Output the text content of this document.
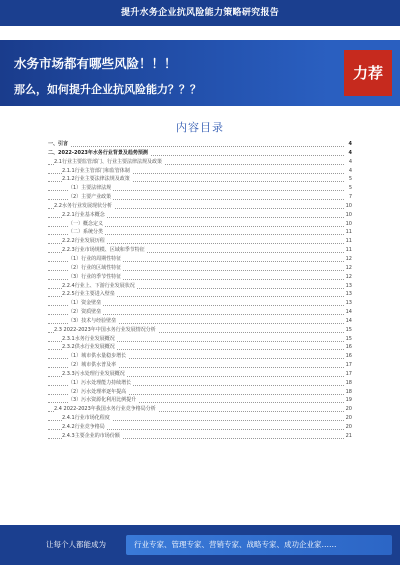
提升水务企业抗风险能力策略研究报告
水务市场都有哪些风险！！！
那么，如何提升企业抗风险能力？？？
力荐
内容目录
一、引言	4
二、2022-2023年水务行业背景及趋势预测	4
2.1行业主要监管部门、行业主要法律法规及政策	4
2.1.1行业主管部门和监管体制	4
2.1.2行业主要法律法规及政策	5
（1）主要法律法规	5
（2）主要产业政策	7
2.2水务行业发展现状分析	10
2.2.1行业基本概念	10
（一）概念定义	10
（二）系统分类	11
2.2.2行业发展历程	11
2.2.3行业市场规模、区域和季节特征	11
（1）行业的周期性特征	12
（2）行业的区域性特征	12
（3）行业的季节性特征	12
2.2.4行业上、下游行业发展状况	13
2.2.5行业主要进入壁垒	13
（1）资金壁垒	13
（2）资质壁垒	14
（3）技术与经验壁垒	14
2.3 2022-2023年中国水务行业发展情况分析	15
2.3.1水务行业发展概况	15
2.3.2供水行业发展概况	16
（1）城市供水量稳步增长	16
（2）城市供水普及率	17
2.3.3污水处理行业发展概况	17
（1）污水处理能力持续增长	18
（2）污水处理率逐年提高	18
（3）污水资源化利用比例提升	19
2.4 2022-2023年我国水务行业竞争格局分析	20
2.4.1行业市场化程度	20
2.4.2行业竞争格局	20
2.4.3主要企业的市场份额	21
让每个人都能成为	行业专家、管理专家、营销专家、战略专家、成功企业家……
